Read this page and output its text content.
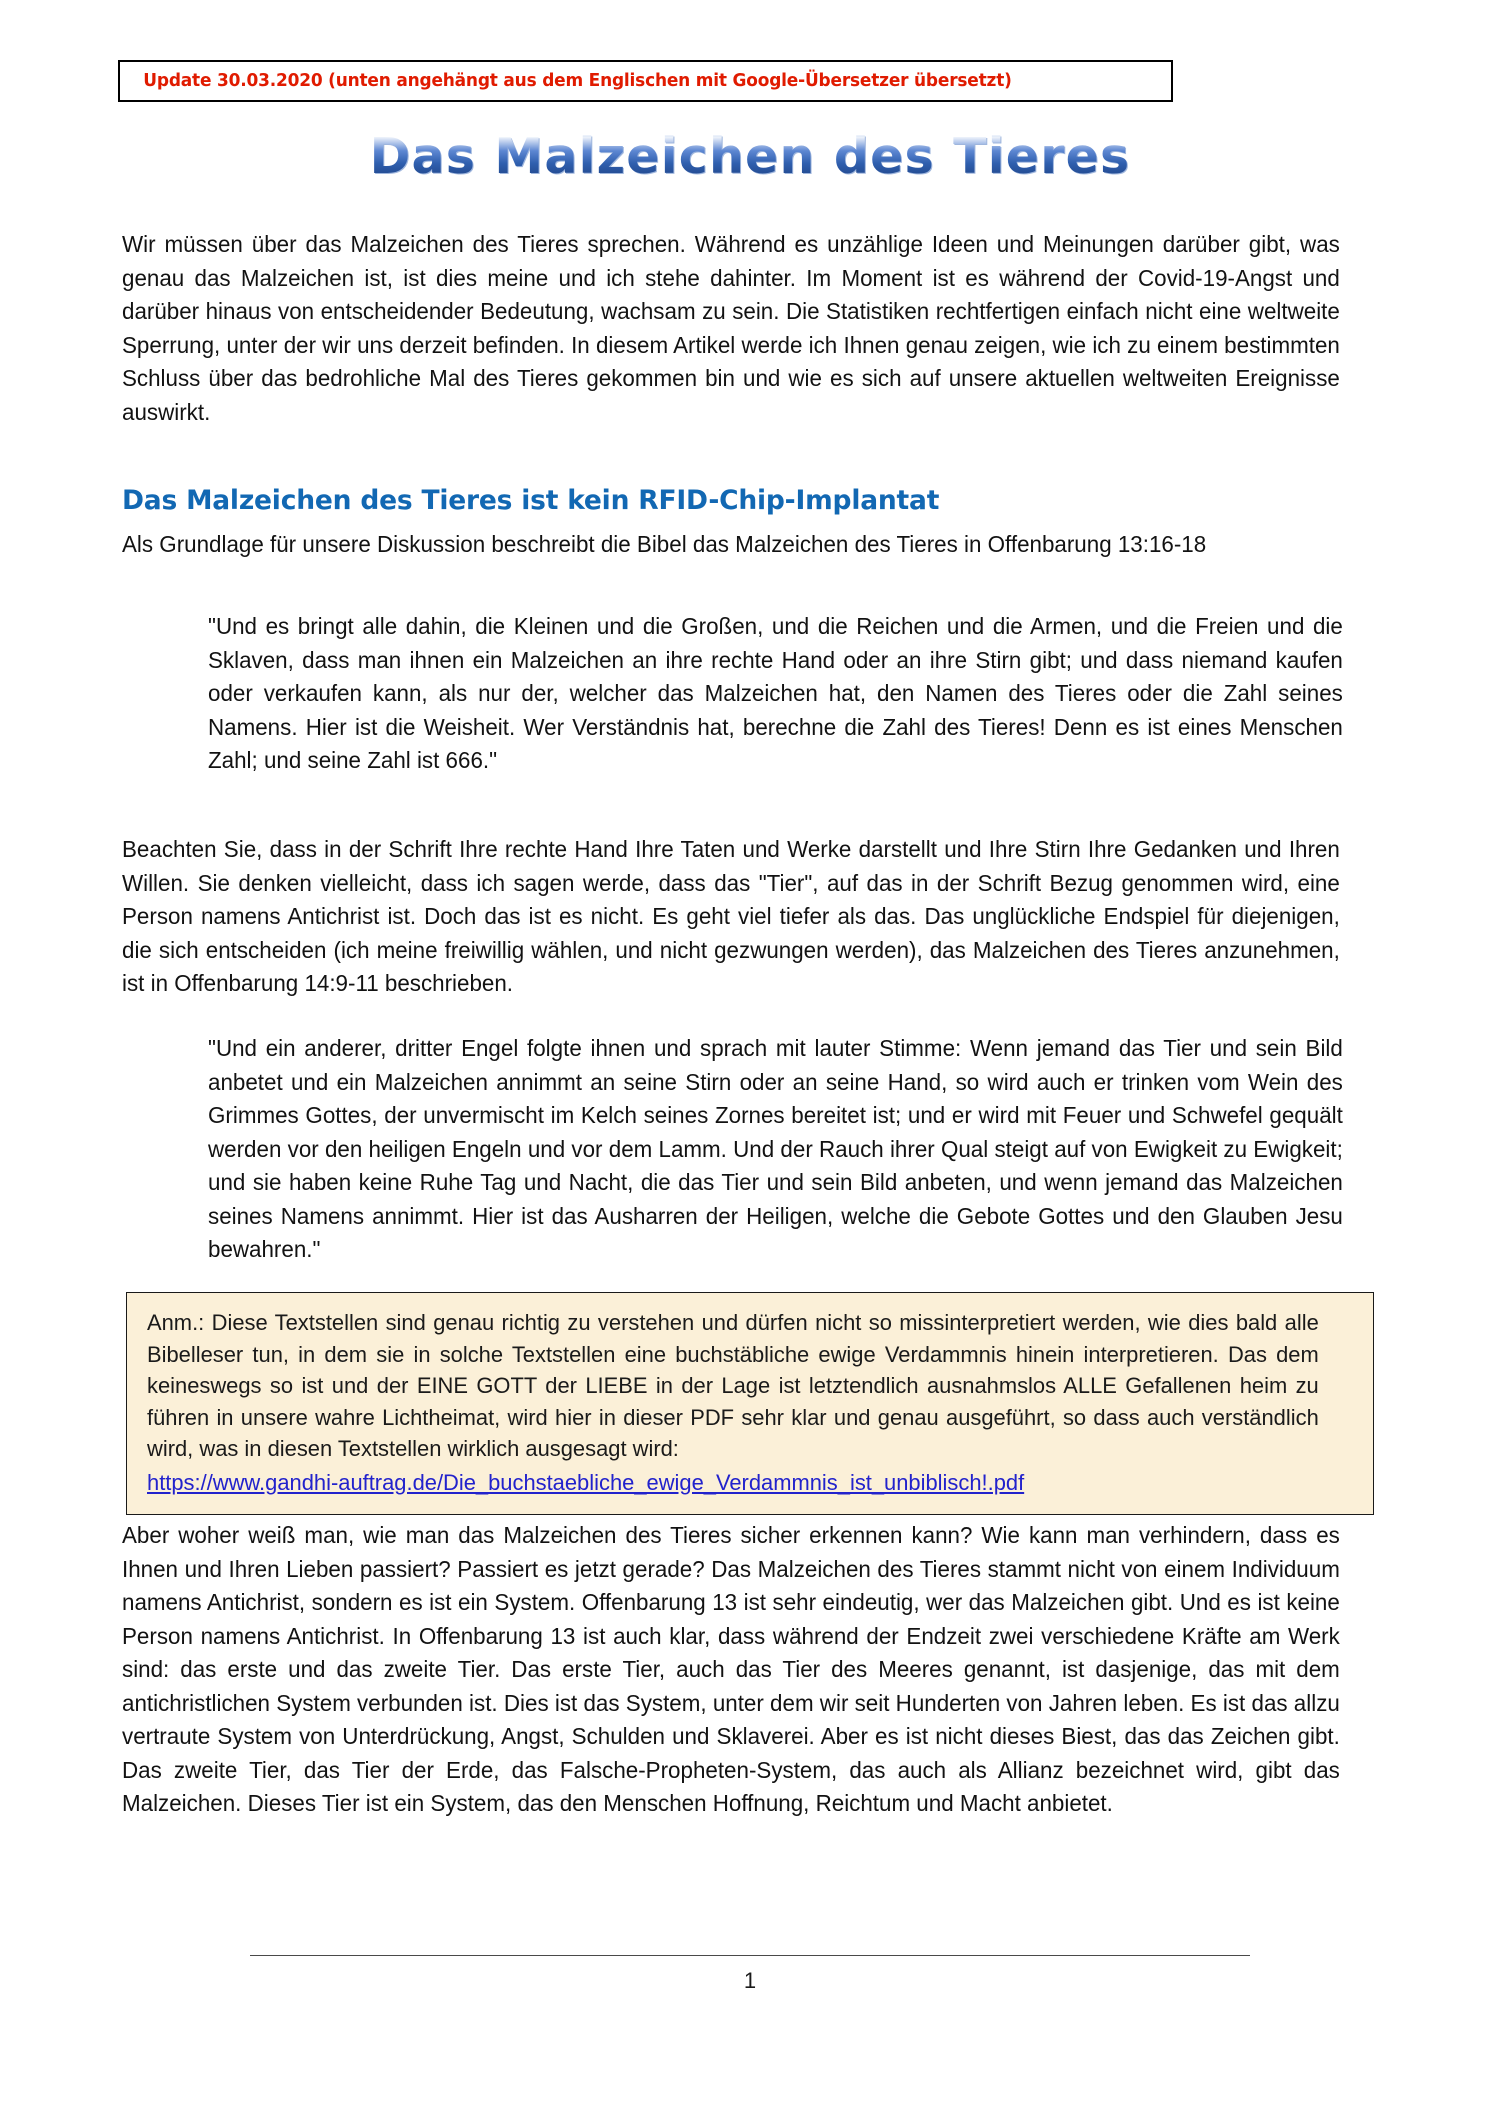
Update 30.03.2020 (unten angehängt aus dem Englischen mit Google-Übersetzer übersetzt)
Das Malzeichen des Tieres

Wir müssen über das Malzeichen des Tieres sprechen. Während es unzählige Ideen und Meinungen darüber gibt, was genau das Malzeichen ist, ist dies meine und ich stehe dahinter. Im Moment ist es während der Covid-19-Angst und darüber hinaus von entscheidender Bedeutung, wachsam zu sein. Die Statistiken rechtfertigen einfach nicht eine weltweite Sperrung, unter der wir uns derzeit befinden. In diesem Artikel werde ich Ihnen genau zeigen, wie ich zu einem bestimmten Schluss über das bedrohliche Mal des Tieres gekommen bin und wie es sich auf unsere aktuellen weltweiten Ereignisse auswirkt.

Das Malzeichen des Tieres ist kein RFID-Chip-Implantat

Als Grundlage für unsere Diskussion beschreibt die Bibel das Malzeichen des Tieres in Offenbarung 13:16-18

"Und es bringt alle dahin, die Kleinen und die Großen, und die Reichen und die Armen, und die Freien und die Sklaven, dass man ihnen ein Malzeichen an ihre rechte Hand oder an ihre Stirn gibt; und dass niemand kaufen oder verkaufen kann, als nur der, welcher das Malzeichen hat, den Namen des Tieres oder die Zahl seines Namens. Hier ist die Weisheit. Wer Verständnis hat, berechne die Zahl des Tieres! Denn es ist eines Menschen Zahl; und seine Zahl ist 666."

Beachten Sie, dass in der Schrift Ihre rechte Hand Ihre Taten und Werke darstellt und Ihre Stirn Ihre Gedanken und Ihren Willen. Sie denken vielleicht, dass ich sagen werde, dass das "Tier", auf das in der Schrift Bezug genommen wird, eine Person namens Antichrist ist. Doch das ist es nicht. Es geht viel tiefer als das. Das unglückliche Endspiel für diejenigen, die sich entscheiden (ich meine freiwillig wählen, und nicht gezwungen werden), das Malzeichen des Tieres anzunehmen, ist in Offenbarung 14:9-11 beschrieben.

"Und ein anderer, dritter Engel folgte ihnen und sprach mit lauter Stimme: Wenn jemand das Tier und sein Bild anbetet und ein Malzeichen annimmt an seine Stirn oder an seine Hand, so wird auch er trinken vom Wein des Grimmes Gottes, der unvermischt im Kelch seines Zornes bereitet ist; und er wird mit Feuer und Schwefel gequält werden vor den heiligen Engeln und vor dem Lamm. Und der Rauch ihrer Qual steigt auf von Ewigkeit zu Ewigkeit; und sie haben keine Ruhe Tag und Nacht, die das Tier und sein Bild anbeten, und wenn jemand das Malzeichen seines Namens annimmt. Hier ist das Ausharren der Heiligen, welche die Gebote Gottes und den Glauben Jesu bewahren."

Anm.: Diese Textstellen sind genau richtig zu verstehen und dürfen nicht so missinterpretiert werden, wie dies bald alle Bibelleser tun, in dem sie in solche Textstellen eine buchstäbliche ewige Verdammnis hinein interpretieren. Das dem keineswegs so ist und der EINE GOTT der LIEBE in der Lage ist letztendlich ausnahmslos ALLE Gefallenen heim zu führen in unsere wahre Lichtheimat, wird hier in dieser PDF sehr klar und genau ausgeführt, so dass auch verständlich wird, was in diesen Textstellen wirklich ausgesagt wird:

https://www.gandhi-auftrag.de/Die_buchstaebliche_ewige_Verdammnis_ist_unbiblisch!.pdf

Aber woher weiß man, wie man das Malzeichen des Tieres sicher erkennen kann? Wie kann man verhindern, dass es Ihnen und Ihren Lieben passiert? Passiert es jetzt gerade? Das Malzeichen des Tieres stammt nicht von einem Individuum namens Antichrist, sondern es ist ein System. Offenbarung 13 ist sehr eindeutig, wer das Malzeichen gibt. Und es ist keine Person namens Antichrist. In Offenbarung 13 ist auch klar, dass während der Endzeit zwei verschiedene Kräfte am Werk sind: das erste und das zweite Tier. Das erste Tier, auch das Tier des Meeres genannt, ist dasjenige, das mit dem antichristlichen System verbunden ist. Dies ist das System, unter dem wir seit Hunderten von Jahren leben. Es ist das allzu vertraute System von Unterdrückung, Angst, Schulden und Sklaverei. Aber es ist nicht dieses Biest, das das Zeichen gibt. Das zweite Tier, das Tier der Erde, das Falsche-Propheten-System, das auch als Allianz bezeichnet wird, gibt das Malzeichen. Dieses Tier ist ein System, das den Menschen Hoffnung, Reichtum und Macht anbietet.

1
